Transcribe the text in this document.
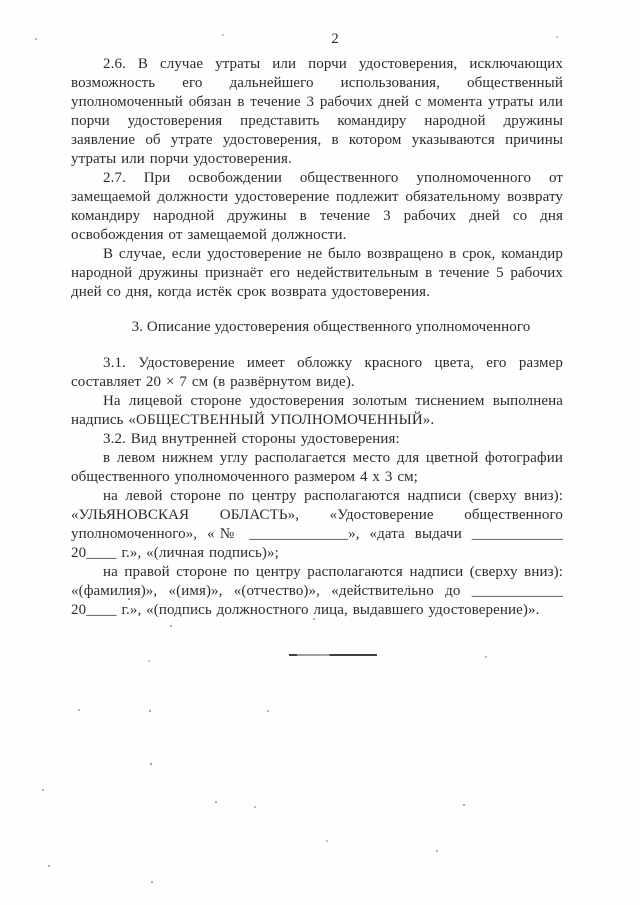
2

2.6. В случае утраты или порчи удостоверения, исключающих возможность его дальнейшего использования, общественный уполномоченный обязан в течение 3 рабочих дней с момента утраты или порчи удостоверения представить командиру народной дружины заявление об утрате удостоверения, в котором указываются причины утраты или порчи удостоверения.

2.7. При освобождении общественного уполномоченного от замещаемой должности удостоверение подлежит обязательному возврату командиру народной дружины в течение 3 рабочих дней со дня освобождения от замещаемой должности.

В случае, если удостоверение не было возвращено в срок, командир народной дружины признаёт его недействительным в течение 5 рабочих дней со дня, когда истёк срок возврата удостоверения.

3. Описание удостоверения общественного уполномоченного

3.1. Удостоверение имеет обложку красного цвета, его размер составляет 20 × 7 см (в развёрнутом виде).

На лицевой стороне удостоверения золотым тиснением выполнена надпись «ОБЩЕСТВЕННЫЙ УПОЛНОМОЧЕННЫЙ».

3.2. Вид внутренней стороны удостоверения:

в левом нижнем углу располагается место для цветной фотографии общественного уполномоченного размером 4 х 3 см;

на левой стороне по центру располагаются надписи (сверху вниз): «УЛЬЯНОВСКАЯ ОБЛАСТЬ», «Удостоверение общественного уполномоченного», «№ _____________», «дата выдачи ____________ 20____ г.», «(личная подпись)»;

на правой стороне по центру располагаются надписи (сверху вниз): «(фамилия)», «(имя)», «(отчество)», «действительно до ____________ 20____ г.», «(подпись должностного лица, выдавшего удостоверение)».
